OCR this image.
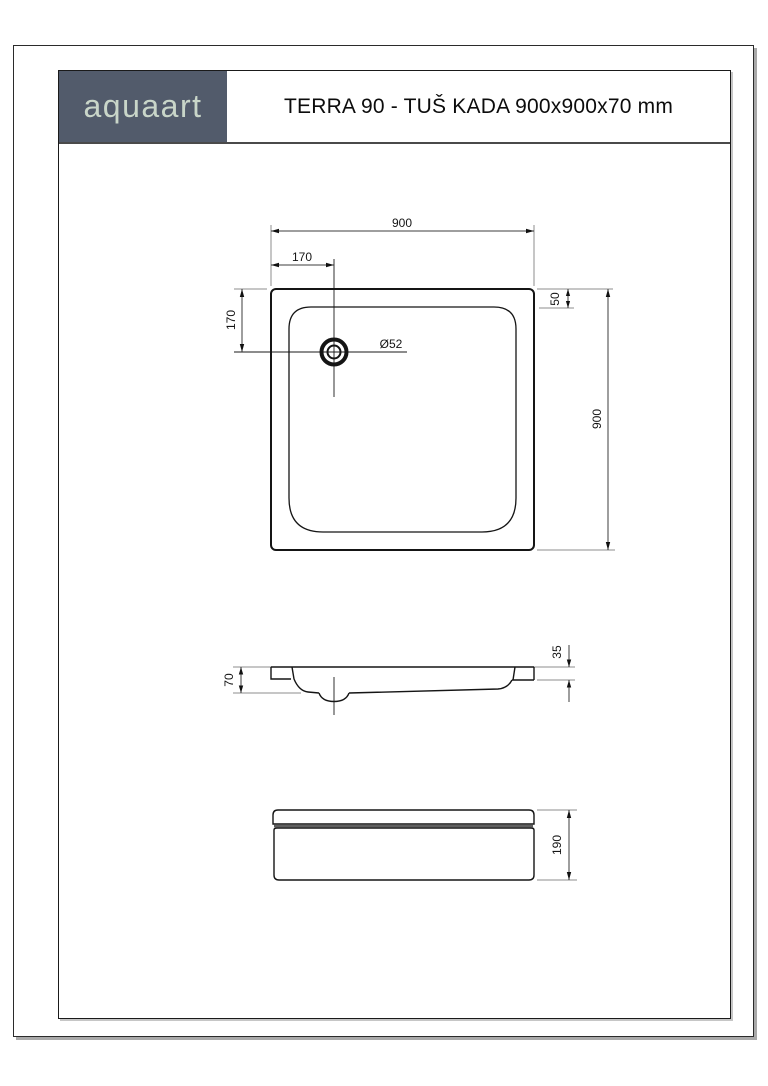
aquaart	TERRA 90 - TUŠ KADA 900x900x70 mm
900
170
170
50
900
Ø52
70
35
190
